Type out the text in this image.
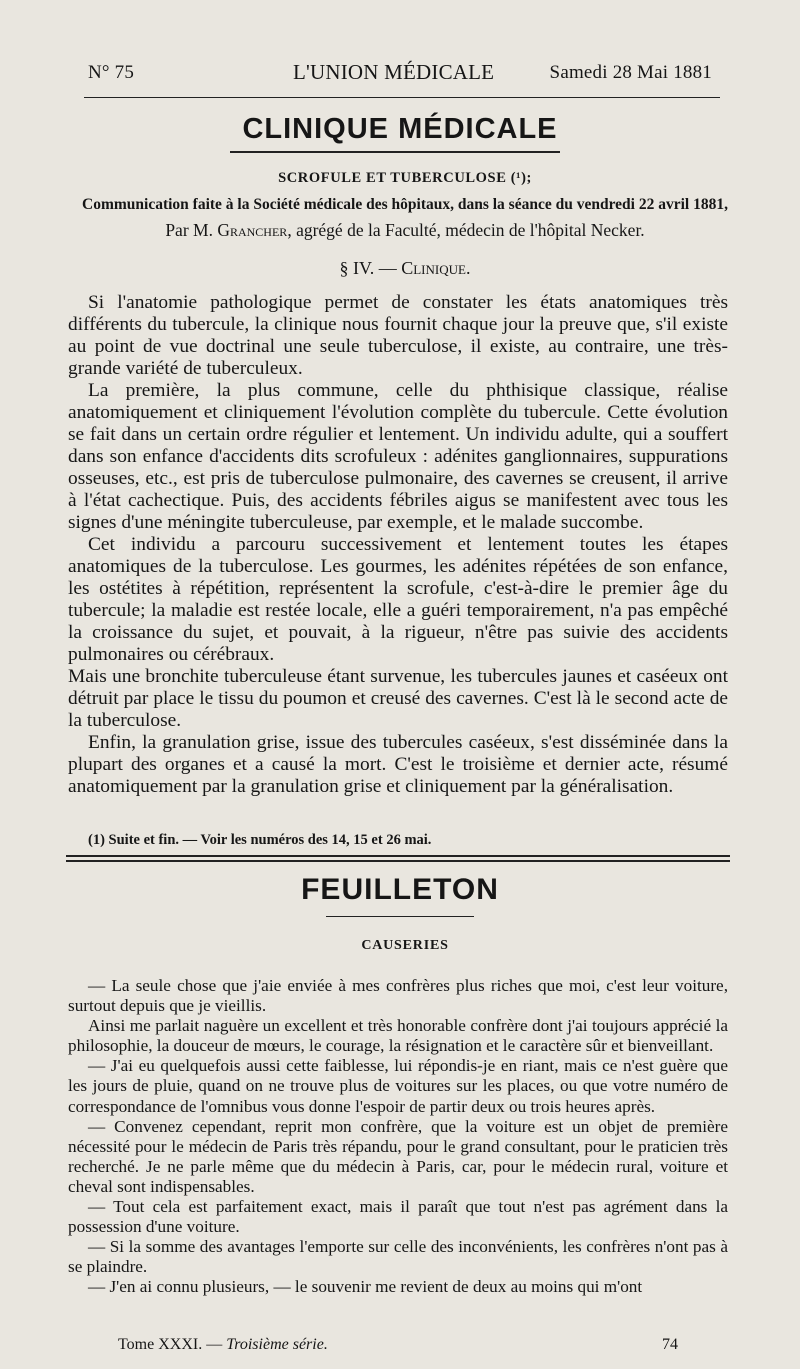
N° 75	L'UNION MÉDICALE	Samedi 28 Mai 1881
CLINIQUE MÉDICALE
SCROFULE ET TUBERCULOSE (¹);
Communication faite à la Société médicale des hôpitaux, dans la séance du vendredi 22 avril 1881,
Par M. Grancher, agrégé de la Faculté, médecin de l'hôpital Necker.
§ IV. — Clinique.

Si l'anatomie pathologique permet de constater les états anatomiques très différents du tubercule, la clinique nous fournit chaque jour la preuve que, s'il existe au point de vue doctrinal une seule tuberculose, il existe, au contraire, une très-grande variété de tuberculeux.

La première, la plus commune, celle du phthisique classique, réalise anatomiquement et cliniquement l'évolution complète du tubercule. Cette évolution se fait dans un certain ordre régulier et lentement. Un individu adulte, qui a souffert dans son enfance d'accidents dits scrofuleux : adénites ganglionnaires, suppurations osseuses, etc., est pris de tuberculose pulmonaire, des cavernes se creusent, il arrive à l'état cachectique. Puis, des accidents fébriles aigus se manifestent avec tous les signes d'une méningite tuberculeuse, par exemple, et le malade succombe.

Cet individu a parcouru successivement et lentement toutes les étapes anatomiques de la tuberculose. Les gourmes, les adénites répétées de son enfance, les ostétites à répétition, représentent la scrofule, c'est-à-dire le premier âge du tubercule; la maladie est restée locale, elle a guéri temporairement, n'a pas empêché la croissance du sujet, et pouvait, à la rigueur, n'être pas suivie des accidents pulmonaires ou cérébraux.

Mais une bronchite tuberculeuse étant survenue, les tubercules jaunes et caséeux ont détruit par place le tissu du poumon et creusé des cavernes. C'est là le second acte de la tuberculose.

Enfin, la granulation grise, issue des tubercules caséeux, s'est disséminée dans la plupart des organes et a causé la mort. C'est le troisième et dernier acte, résumé anatomiquement par la granulation grise et cliniquement par la généralisation.

(1) Suite et fin. — Voir les numéros des 14, 15 et 26 mai.
FEUILLETON
CAUSERIES

— La seule chose que j'aie enviée à mes confrères plus riches que moi, c'est leur voiture, surtout depuis que je vieillis.

Ainsi me parlait naguère un excellent et très honorable confrère dont j'ai toujours apprécié la philosophie, la douceur de mœurs, le courage, la résignation et le caractère sûr et bienveillant.

— J'ai eu quelquefois aussi cette faiblesse, lui répondis-je en riant, mais ce n'est guère que les jours de pluie, quand on ne trouve plus de voitures sur les places, ou que votre numéro de correspondance de l'omnibus vous donne l'espoir de partir deux ou trois heures après.

— Convenez cependant, reprit mon confrère, que la voiture est un objet de première nécessité pour le médecin de Paris très répandu, pour le grand consultant, pour le praticien très recherché. Je ne parle même que du médecin à Paris, car, pour le médecin rural, voiture et cheval sont indispensables.

— Tout cela est parfaitement exact, mais il paraît que tout n'est pas agrément dans la possession d'une voiture.

— Si la somme des avantages l'emporte sur celle des inconvénients, les confrères n'ont pas à se plaindre.

— J'en ai connu plusieurs, — le souvenir me revient de deux au moins qui m'ont

Tome XXXI. — Troisième série.	74
